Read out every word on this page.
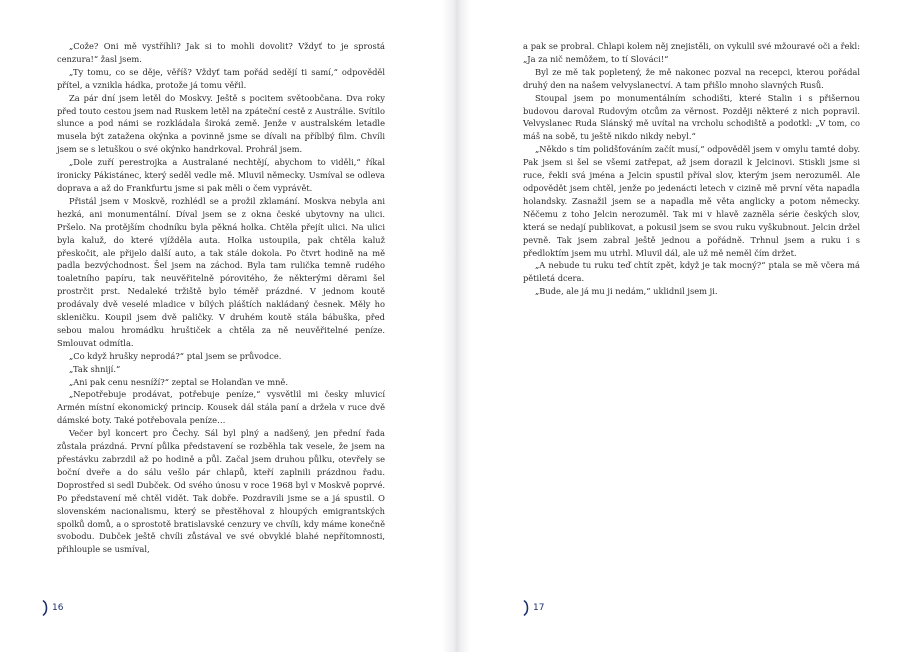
„Cože? Oni mě vystříhli? Jak si to mohli dovolit? Vždyť to je sprostá cenzura!“ žasl jsem.

„Ty tomu, co se děje, věříš? Vždyť tam pořád sedějí ti samí,“ odpověděl přítel, a vznikla hádka, protože já tomu věřil.

Za pár dní jsem letěl do Moskvy. Ještě s pocitem světoobčana. Dva roky před touto cestou jsem nad Ruskem letěl na zpáteční cestě z Austrálie. Svítilo slunce a pod námi se rozkládala široká země. Jenže v australském letadle musela být zatažena okýnka a povinně jsme se dívali na příblbý film. Chvíli jsem se s letuškou o své okýnko handrkoval. Prohrál jsem.

„Dole zuří perestrojka a Australané nechtějí, abychom to viděli,“ říkal ironicky Pákistánec, který seděl vedle mě. Mluvil německy. Usmíval se odleva doprava a až do Frankfurtu jsme si pak měli o čem vyprávět.

Přistál jsem v Moskvě, rozhlédl se a prožil zklamání. Moskva nebyla ani hezká, ani monumentální. Díval jsem se z okna české ubytovny na ulici. Pršelo. Na protějším chodníku byla pěkná holka. Chtěla přejít ulici. Na ulici byla kaluž, do které vjížděla auta. Holka ustoupila, pak chtěla kaluž přeskočit, ale přijelo další auto, a tak stále dokola. Po čtvrt hodině na mě padla bezvýchodnost. Šel jsem na záchod. Byla tam rulička temně rudého toaletního papíru, tak neuvěřitelně pórovitého, že některými děrami šel prostrčit prst. Nedaleké tržiště bylo téměř prázdné. V jednom koutě prodávaly dvě veselé mladice v bílých pláštích nakládaný česnek. Měly ho skleničku. Koupil jsem dvě paličky. V druhém koutě stála bábuška, před sebou malou hromádku hruštiček a chtěla za ně neuvěřitelné peníze. Smlouvat odmítla.

„Co když hrušky neprodá?“ ptal jsem se průvodce.

„Tak shnijí.“

„Ani pak cenu nesníží?“ zeptal se Holanďan ve mně.

„Nepotřebuje prodávat, potřebuje peníze,“ vysvětlil mi česky mluvicí Armén místní ekonomický princip. Kousek dál stála paní a držela v ruce dvě dámské boty. Také potřebovala peníze…

Večer byl koncert pro Čechy. Sál byl plný a nadšený, jen přední řada zůstala prázdná. První půlka představení se rozběhla tak vesele, že jsem na přestávku zabrzdil až po hodině a půl. Začal jsem druhou půlku, otevřely se boční dveře a do sálu vešlo pár chlapů, kteří zaplnili prázdnou řadu. Doprostřed si sedl Dubček. Od svého únosu v roce 1968 byl v Moskvě poprvé. Po představení mě chtěl vidět. Tak dobře. Pozdravili jsme se a já spustil. O slovenském nacionalismu, který se přestěhoval z hloupých emigrantských spolků domů, a o sprostotě bratislavské cenzury ve chvíli, kdy máme konečně svobodu. Dubček ještě chvíli zůstával ve své obvyklé blahé nepřítomnosti, přihlouple se usmíval,

16

a pak se probral. Chlapi kolem něj znejistěli, on vykulil své mžouravé oči a řekl: „Ja za nič nemôžem, to tí Slováci!“

Byl ze mě tak popletený, že mě nakonec pozval na recepci, kterou pořádal druhý den na našem velvyslanectví. A tam přišlo mnoho slavných Rusů.

Stoupal jsem po monumentálním schodišti, které Stalin i s přišernou budovou daroval Rudovým otcům za věrnost. Později některé z nich popravil. Velvyslanec Ruda Slánský mě uvítal na vrcholu schodiště a podotkl: „V tom, co máš na sobě, tu ještě nikdo nikdy nebyl.“

„Někdo s tím polidšťováním začít musí,“ odpověděl jsem v omylu tamté doby. Pak jsem si šel se všemi zatřepat, až jsem dorazil k Jelcinovi. Stiskli jsme si ruce, řekli svá jména a Jelcin spustil příval slov, kterým jsem nerozuměl. Ale odpovědět jsem chtěl, jenže po jedenácti letech v cizině mě první věta napadla holandsky. Zasnažil jsem se a napadla mě věta anglicky a potom německy. Něčemu z toho Jelcin nerozuměl. Tak mi v hlavě zazněla série českých slov, která se nedají publikovat, a pokusil jsem se svou ruku vyškubnout. Jelcin držel pevně. Tak jsem zabral ještě jednou a pořádně. Trhnul jsem a ruku i s předloktím jsem mu utrhl. Mluvil dál, ale už mě neměl čím držet.

„A nebude tu ruku teď chtít zpět, když je tak mocný?“ ptala se mě včera má pětiletá dcera.

„Bude, ale já mu ji nedám,“ uklidnil jsem ji.

17
